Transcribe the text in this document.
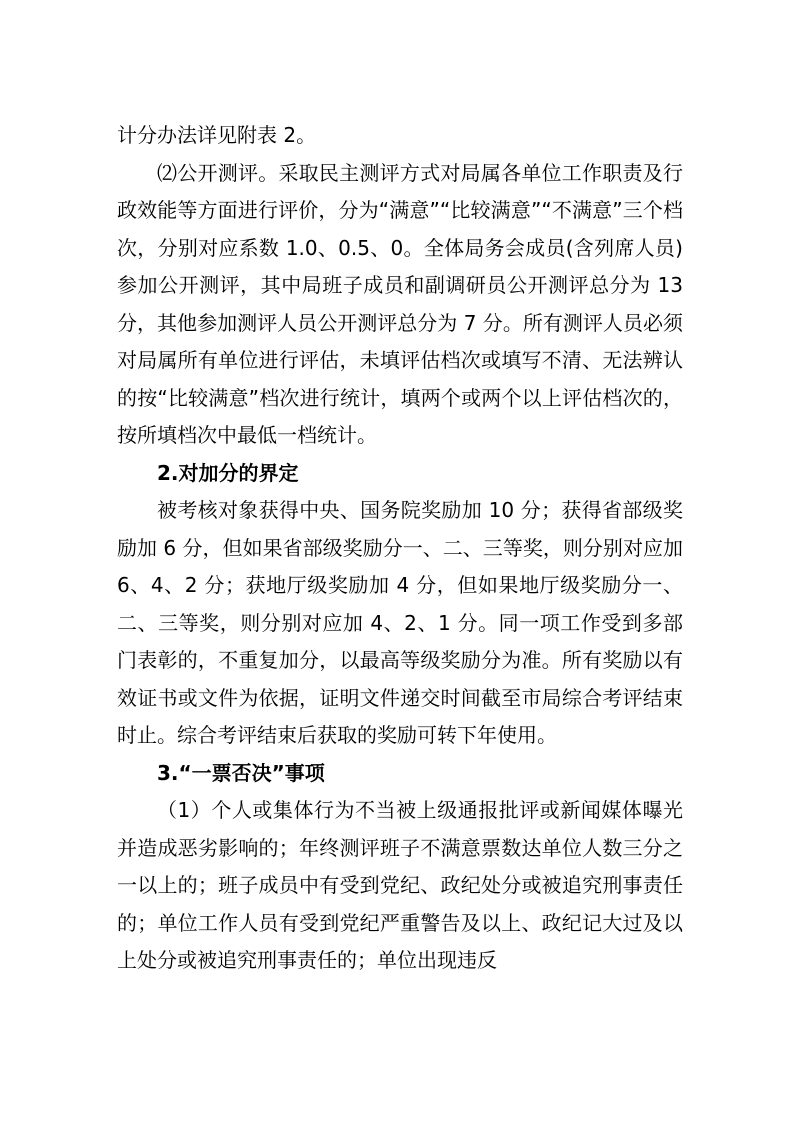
计分办法详见附表 2。

⑵公开测评。采取民主测评方式对局属各单位工作职责及行政效能等方面进行评价，分为“满意”“比较满意”“不满意”三个档次，分别对应系数 1.0、0.5、0。全体局务会成员(含列席人员)参加公开测评，其中局班子成员和副调研员公开测评总分为 13 分，其他参加测评人员公开测评总分为 7 分。所有测评人员必须对局属所有单位进行评估，未填评估档次或填写不清、无法辨认的按“比较满意”档次进行统计，填两个或两个以上评估档次的，按所填档次中最低一档统计。

2.对加分的界定

被考核对象获得中央、国务院奖励加 10 分；获得省部级奖励加 6 分，但如果省部级奖励分一、二、三等奖，则分别对应加 6、4、2 分；获地厅级奖励加 4 分，但如果地厅级奖励分一、二、三等奖，则分别对应加 4、2、1 分。同一项工作受到多部门表彰的，不重复加分，以最高等级奖励分为准。所有奖励以有效证书或文件为依据，证明文件递交时间截至市局综合考评结束时止。综合考评结束后获取的奖励可转下年使用。

3.“一票否决”事项

（1）个人或集体行为不当被上级通报批评或新闻媒体曝光并造成恶劣影响的；年终测评班子不满意票数达单位人数三分之一以上的；班子成员中有受到党纪、政纪处分或被追究刑事责任的；单位工作人员有受到党纪严重警告及以上、政纪记大过及以上处分或被追究刑事责任的；单位出现违反
